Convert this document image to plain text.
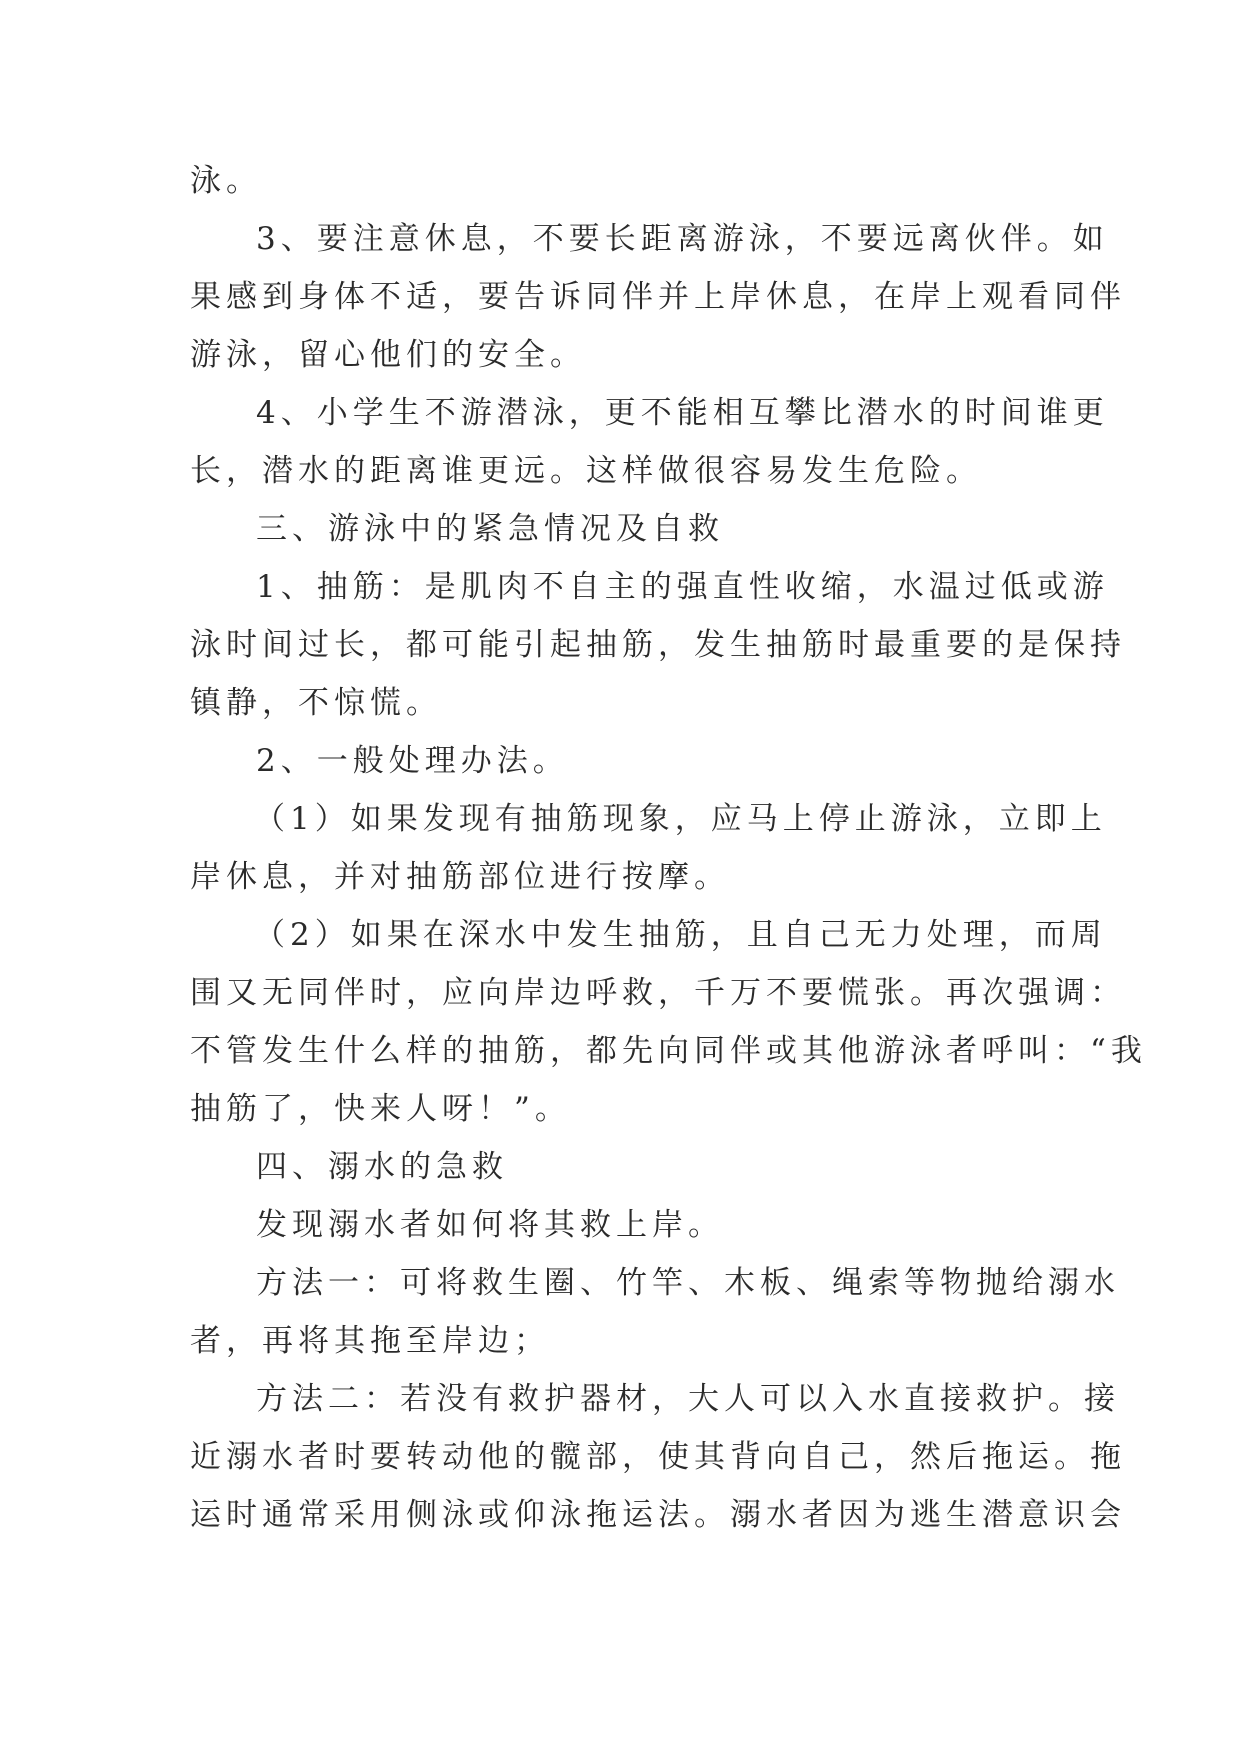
泳。
3、要注意休息，不要长距离游泳，不要远离伙伴。如
果感到身体不适，要告诉同伴并上岸休息，在岸上观看同伴
游泳，留心他们的安全。
4、小学生不游潜泳，更不能相互攀比潜水的时间谁更
长，潜水的距离谁更远。这样做很容易发生危险。
三、游泳中的紧急情况及自救
1、抽筋：是肌肉不自主的强直性收缩，水温过低或游
泳时间过长，都可能引起抽筋，发生抽筋时最重要的是保持
镇静，不惊慌。
2、一般处理办法。
（1）如果发现有抽筋现象，应马上停止游泳，立即上
岸休息，并对抽筋部位进行按摩。
（2）如果在深水中发生抽筋，且自己无力处理，而周
围又无同伴时，应向岸边呼救，千万不要慌张。再次强调：
不管发生什么样的抽筋，都先向同伴或其他游泳者呼叫：“我
抽筋了，快来人呀！”。
四、溺水的急救
发现溺水者如何将其救上岸。
方法一：可将救生圈、竹竿、木板、绳索等物抛给溺水
者，再将其拖至岸边；
方法二：若没有救护器材，大人可以入水直接救护。接
近溺水者时要转动他的髋部，使其背向自己，然后拖运。拖
运时通常采用侧泳或仰泳拖运法。溺水者因为逃生潜意识会
